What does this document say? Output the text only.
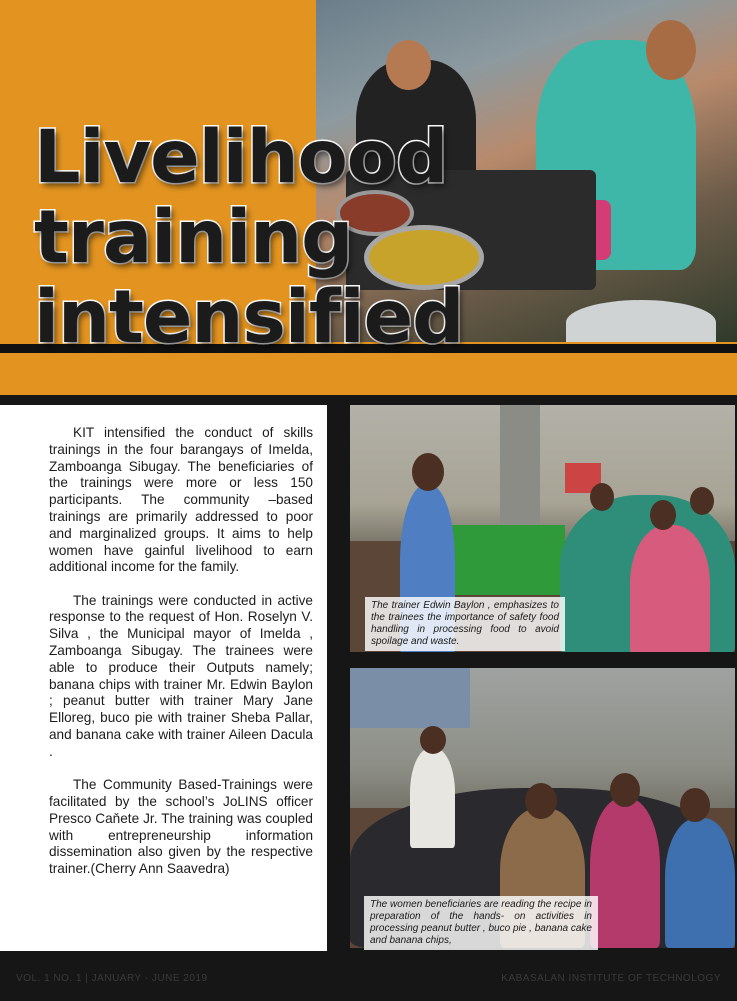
Livelihood training intensified

KIT intensified the conduct of skills trainings in the four barangays of Imelda, Zamboanga Sibugay. The beneficiaries of the trainings were more or less 150 participants. The community –based trainings are primarily addressed to poor and marginalized groups. It aims to help women have gainful livelihood to earn additional income for the family.

The trainings were conducted in active response to the request of Hon. Roselyn V. Silva , the Municipal mayor of Imelda , Zamboanga Sibugay. The trainees were able to produce their Outputs namely; banana chips with trainer Mr. Edwin Baylon ; peanut butter with trainer Mary Jane Elloreg, buco pie with trainer Sheba Pallar, and banana cake with trainer Aileen Dacula .

The Community Based-Trainings were facilitated by the school’s JoLINS officer Presco Caňete Jr. The training was coupled with entrepreneurship information dissemination also given by the respective trainer.(Cherry Ann Saavedra)

The trainer Edwin Baylon , emphasizes to the trainees the importance of safety food handling in processing food to avoid spoilage and waste.
The women beneficiaries are reading the recipe in preparation of the hands- on activities in processing peanut butter , buco pie , banana cake and banana chips,
VOL. 1 NO. 1 | JANUARY - JUNE 2019	KABASALAN INSTITUTE OF TECHNOLOGY
